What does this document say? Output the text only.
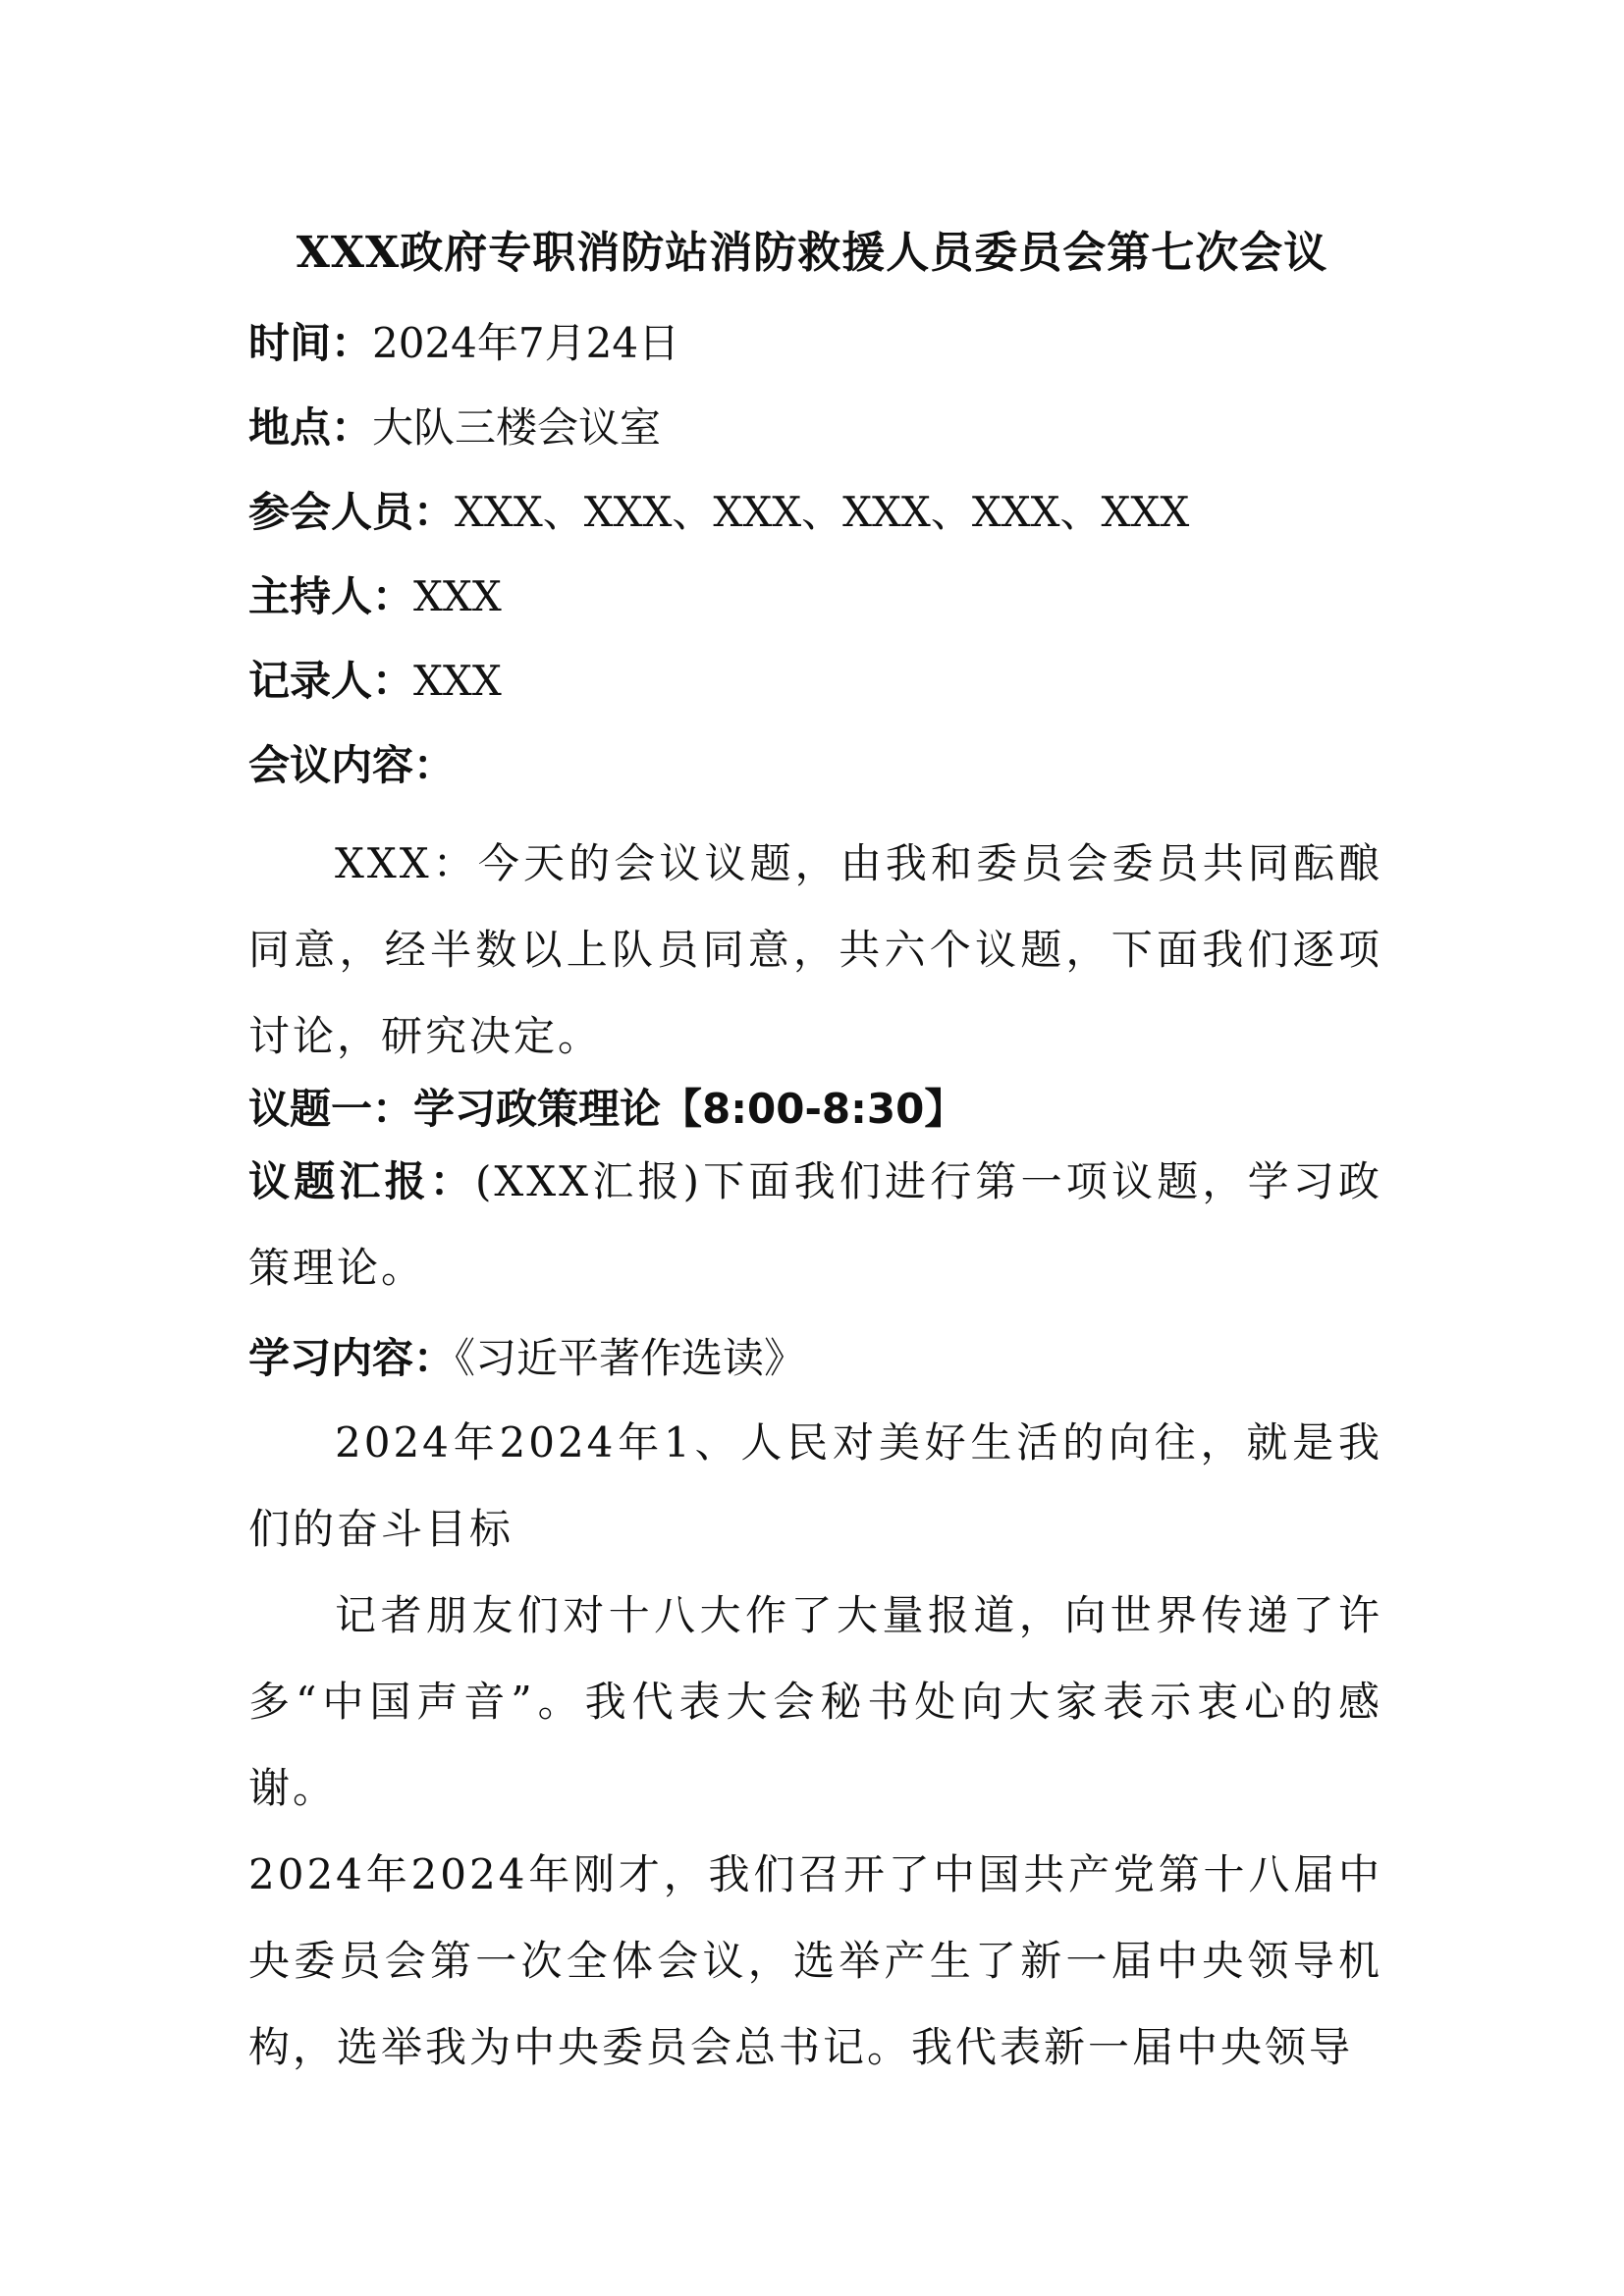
XXX政府专职消防站消防救援人员委员会第七次会议
时间：2024年7月24日
地点：大队三楼会议室
参会人员：XXX、XXX、XXX、XXX、XXX、XXX
主持人：XXX
记录人：XXX
会议内容：
XXX：今天的会议议题，由我和委员会委员共同酝酿同意，经半数以上队员同意，共六个议题，下面我们逐项讨论，研究决定。
议题一：学习政策理论【8:00-8:30】
议题汇报：(XXX汇报)下面我们进行第一项议题，学习政策理论。
学习内容：《习近平著作选读》
2024年2024年1、人民对美好生活的向往，就是我们的奋斗目标
记者朋友们对十八大作了大量报道，向世界传递了许多“中国声音”。我代表大会秘书处向大家表示衷心的感谢。
2024年2024年刚才，我们召开了中国共产党第十八届中央委员会第一次全体会议，选举产生了新一届中央领导机构，选举我为中央委员会总书记。我代表新一届中央领导
